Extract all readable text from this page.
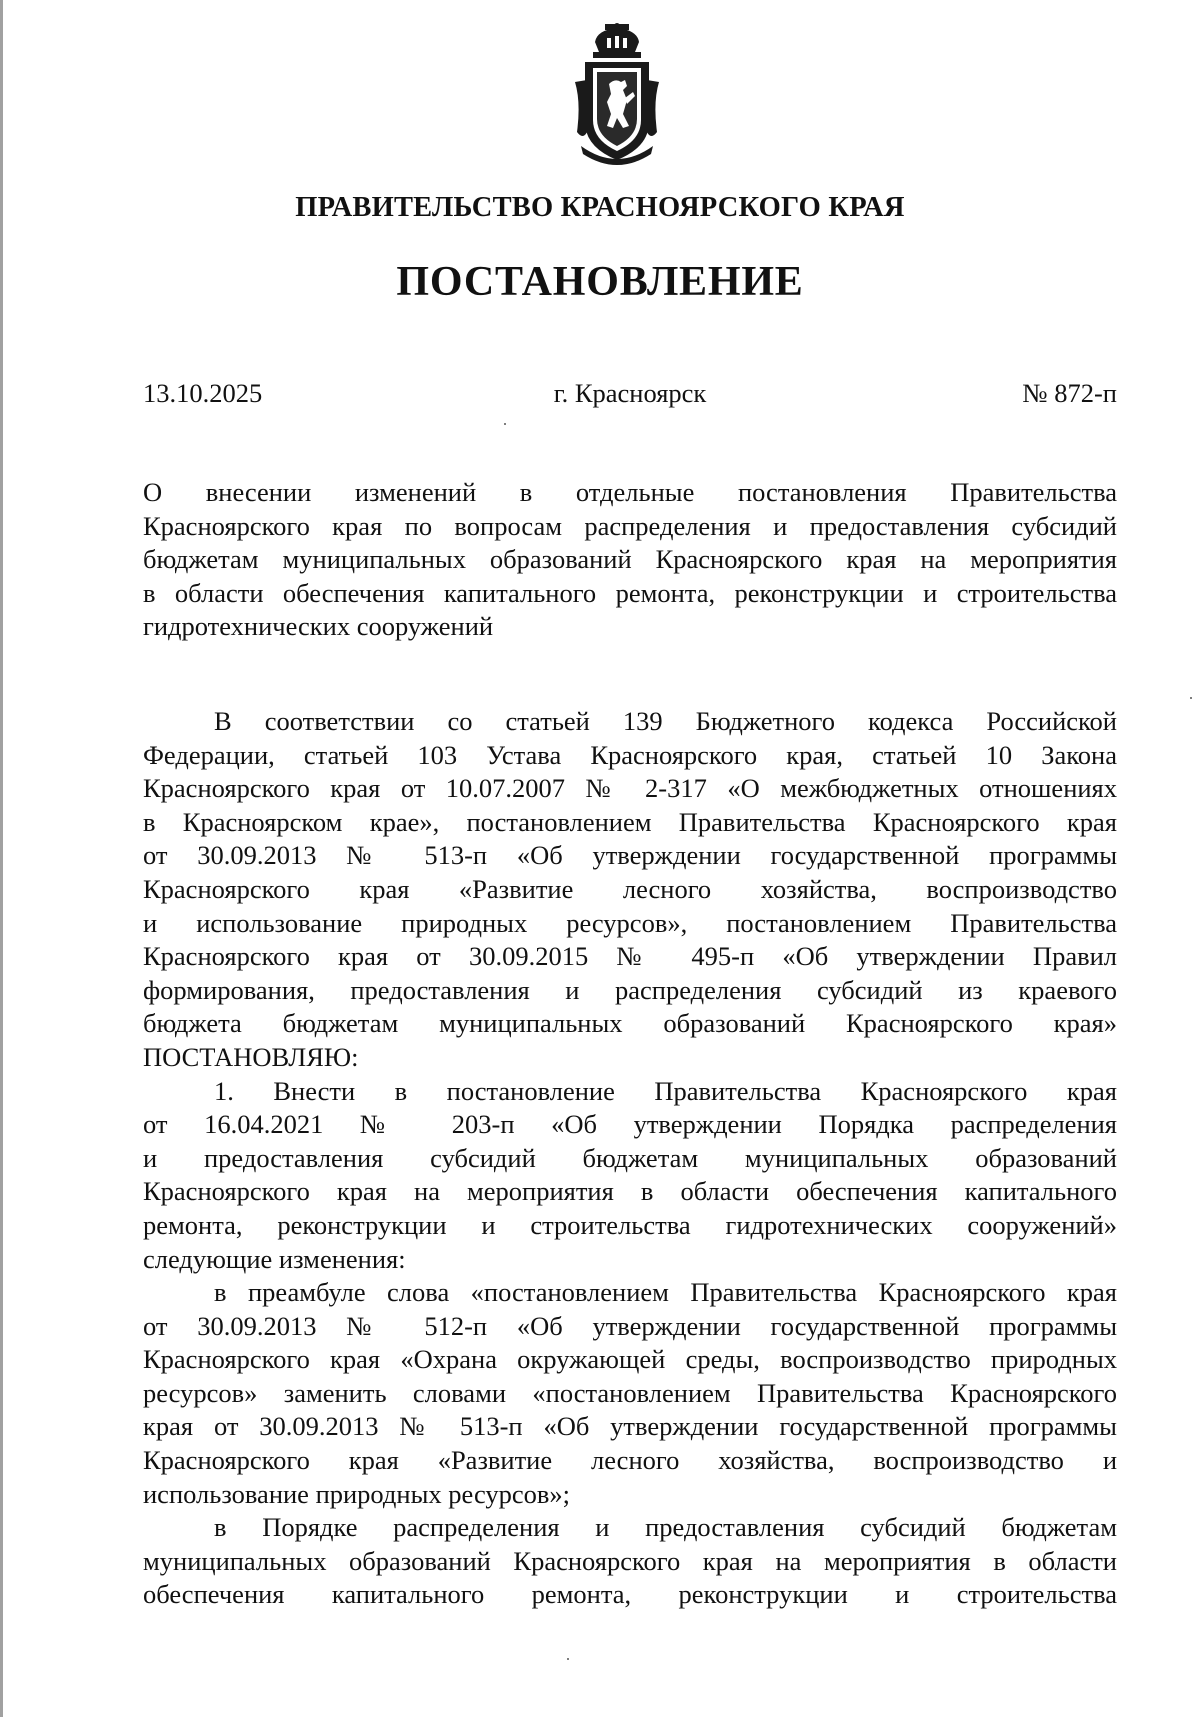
ПРАВИТЕЛЬСТВО КРАСНОЯРСКОГО КРАЯ
ПОСТАНОВЛЕНИЕ
13.10.2025	г. Красноярск	№ 872-п
О внесении изменений в отдельные постановления Правительства
Красноярского края по вопросам распределения и предоставления субсидий
бюджетам муниципальных образований Красноярского края на мероприятия
в области обеспечения капитального ремонта, реконструкции и строительства
гидротехнических сооружений
В соответствии со статьей 139 Бюджетного кодекса Российской
Федерации, статьей 103 Устава Красноярского края, статьей 10 Закона
Красноярского края от 10.07.2007 № 2-317 «О межбюджетных отношениях
в Красноярском крае», постановлением Правительства Красноярского края
от 30.09.2013 № 513-п «Об утверждении государственной программы
Красноярского края «Развитие лесного хозяйства, воспроизводство
и использование природных ресурсов», постановлением Правительства
Красноярского края от 30.09.2015 № 495-п «Об утверждении Правил
формирования, предоставления и распределения субсидий из краевого
бюджета бюджетам муниципальных образований Красноярского края»
ПОСТАНОВЛЯЮ:
1. Внести в постановление Правительства Красноярского края
от 16.04.2021 № 203-п «Об утверждении Порядка распределения
и предоставления субсидий бюджетам муниципальных образований
Красноярского края на мероприятия в области обеспечения капитального
ремонта, реконструкции и строительства гидротехнических сооружений»
следующие изменения:
в преамбуле слова «постановлением Правительства Красноярского края
от 30.09.2013 № 512-п «Об утверждении государственной программы
Красноярского края «Охрана окружающей среды, воспроизводство природных
ресурсов» заменить словами «постановлением Правительства Красноярского
края от 30.09.2013 № 513-п «Об утверждении государственной программы
Красноярского края «Развитие лесного хозяйства, воспроизводство и
использование природных ресурсов»;
в Порядке распределения и предоставления субсидий бюджетам
муниципальных образований Красноярского края на мероприятия в области
обеспечения капитального ремонта, реконструкции и строительства
